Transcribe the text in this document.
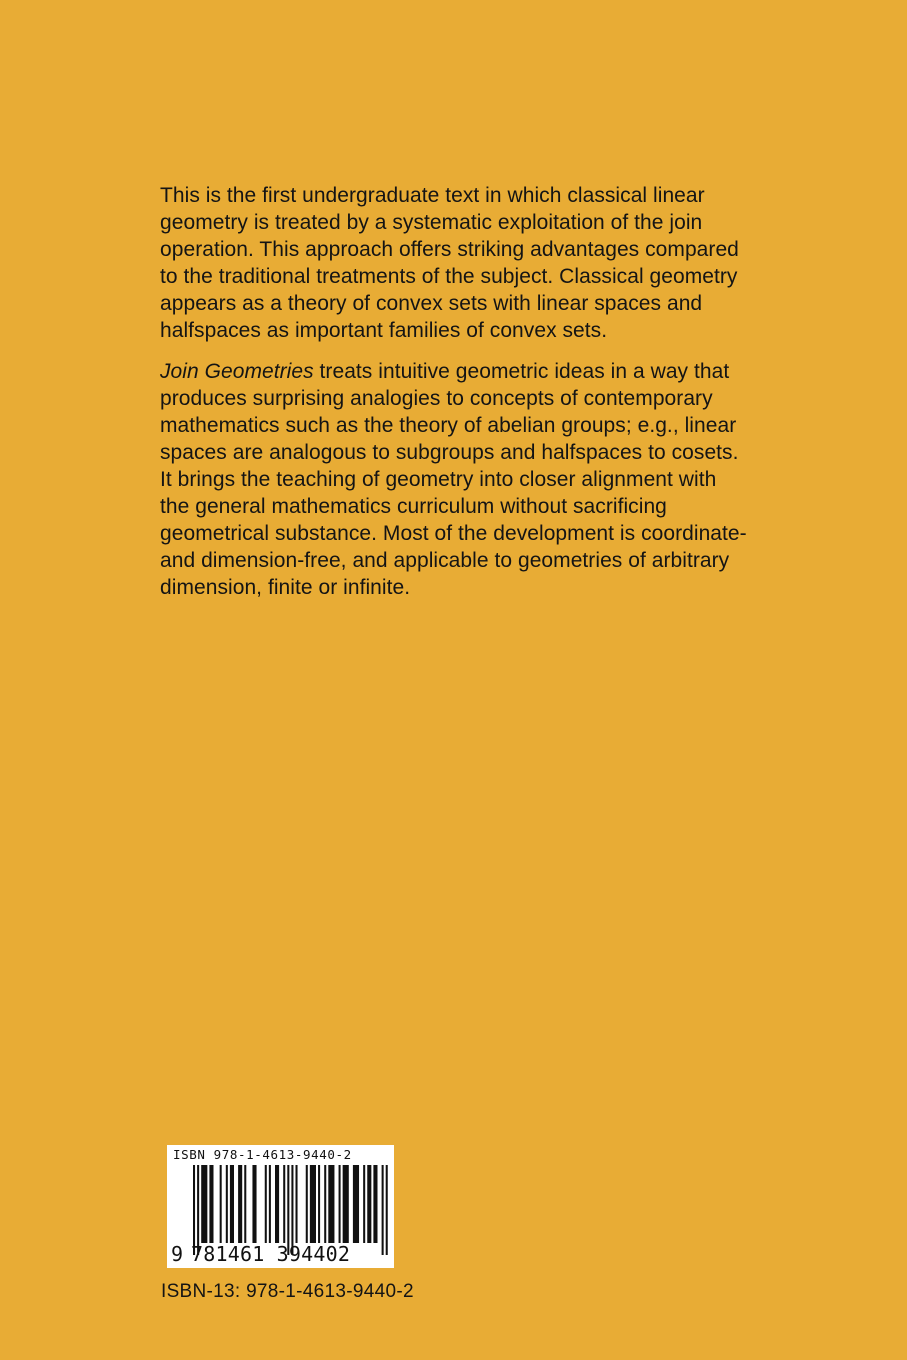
This is the first undergraduate text in which classical linear
geometry is treated by a systematic exploitation of the join
operation. This approach offers striking advantages compared
to the traditional treatments of the subject. Classical geometry
appears as a theory of convex sets with linear spaces and
halfspaces as important families of convex sets.

Join Geometries treats intuitive geometric ideas in a way that
produces surprising analogies to concepts of contemporary
mathematics such as the theory of abelian groups; e.g., linear
spaces are analogous to subgroups and halfspaces to cosets.
It brings the teaching of geometry into closer alignment with
the general mathematics curriculum without sacrificing
geometrical substance. Most of the development is coordinate-
and dimension-free, and applicable to geometries of arbitrary
dimension, finite or infinite.

ISBN 978-1-4613-9440-2
9 781461 394402
ISBN-13: 978-1-4613-9440-2
